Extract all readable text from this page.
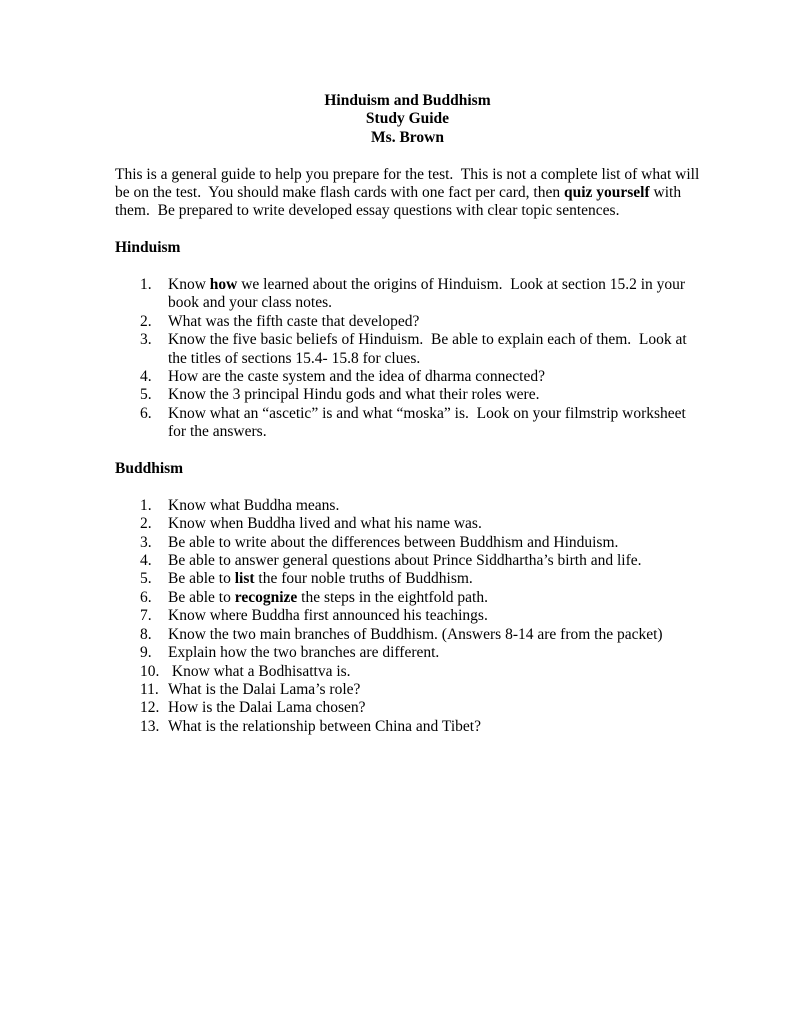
Hinduism and Buddhism
Study Guide
Ms. Brown
This is a general guide to help you prepare for the test.  This is not a complete list of what will be on the test.  You should make flash cards with one fact per card, then quiz yourself with them.  Be prepared to write developed essay questions with clear topic sentences.
Hinduism
1.	Know how we learned about the origins of Hinduism.  Look at section 15.2 in your book and your class notes.
2.	What was the fifth caste that developed?
3.	Know the five basic beliefs of Hinduism.  Be able to explain each of them.  Look at the titles of sections 15.4- 15.8 for clues.
4.	How are the caste system and the idea of dharma connected?
5.	Know the 3 principal Hindu gods and what their roles were.
6.	Know what an “ascetic” is and what “moska” is.  Look on your filmstrip worksheet for the answers.
Buddhism
1.	Know what Buddha means.
2.	Know when Buddha lived and what his name was.
3.	Be able to write about the differences between Buddhism and Hinduism.
4.	Be able to answer general questions about Prince Siddhartha’s birth and life.
5.	Be able to list the four noble truths of Buddhism.
6.	Be able to recognize the steps in the eightfold path.
7.	Know where Buddha first announced his teachings.
8.	Know the two main branches of Buddhism. (Answers 8-14 are from the packet)
9.	Explain how the two branches are different.
10. Know what a Bodhisattva is.
11. What is the Dalai Lama’s role?
12. How is the Dalai Lama chosen?
13. What is the relationship between China and Tibet?
